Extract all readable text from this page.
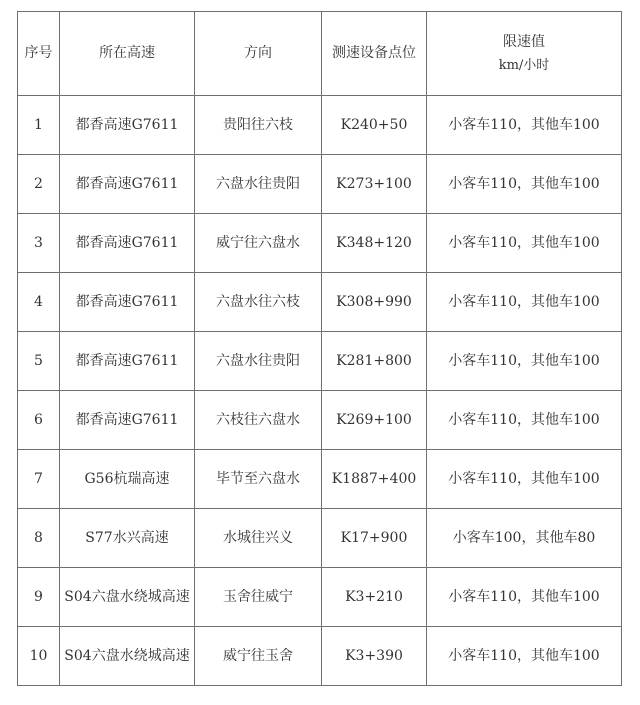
序号	所在高速	方向	测速设备点位	限速值
km/小时

1	都香高速G7611	贵阳往六枝	K240+50	小客车110，其他车100
2	都香高速G7611	六盘水往贵阳	K273+100	小客车110，其他车100
3	都香高速G7611	威宁往六盘水	K348+120	小客车110，其他车100
4	都香高速G7611	六盘水往六枝	K308+990	小客车110，其他车100
5	都香高速G7611	六盘水往贵阳	K281+800	小客车110，其他车100
6	都香高速G7611	六枝往六盘水	K269+100	小客车110，其他车100
7	G56杭瑞高速	毕节至六盘水	K1887+400	小客车110，其他车100
8	S77水兴高速	水城往兴义	K17+900	小客车100，其他车80
9	S04六盘水绕城高速	玉舍往威宁	K3+210	小客车110，其他车100
10	S04六盘水绕城高速	威宁往玉舍	K3+390	小客车110，其他车100
